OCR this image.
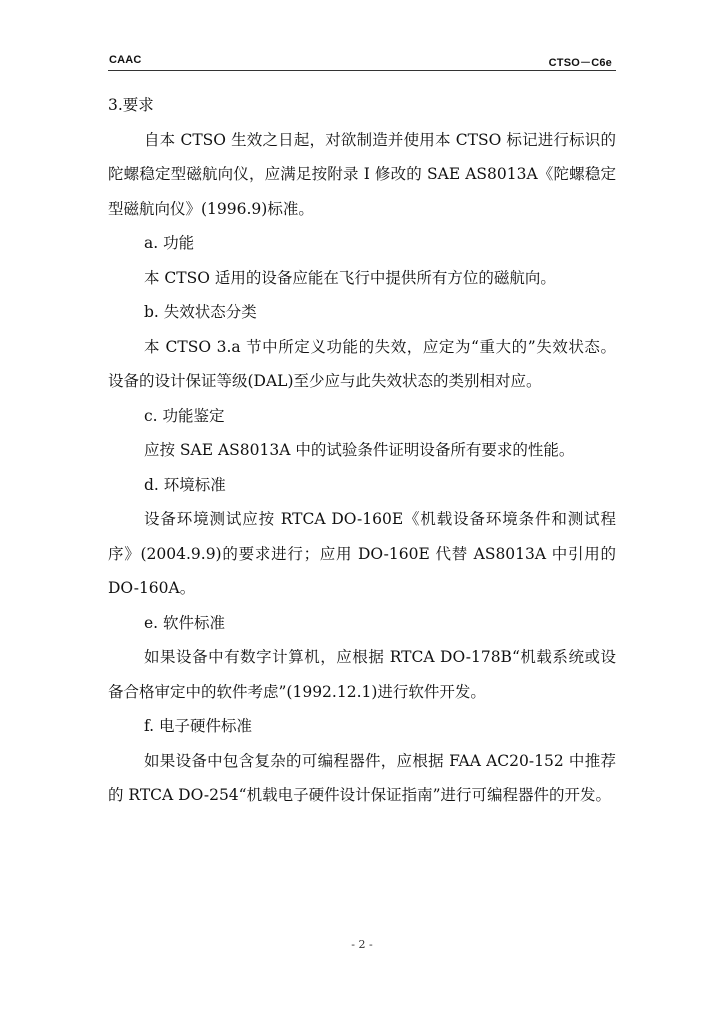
CAAC	CTSO－C6e

3.要求

自本 CTSO 生效之日起，对欲制造并使用本 CTSO 标记进行标识的陀螺稳定型磁航向仪，应满足按附录 I 修改的 SAE AS8013A《陀螺稳定型磁航向仪》(1996.9)标准。

a. 功能

本 CTSO 适用的设备应能在飞行中提供所有方位的磁航向。

b. 失效状态分类

本 CTSO 3.a 节中所定义功能的失效，应定为“重大的”失效状态。设备的设计保证等级(DAL)至少应与此失效状态的类别相对应。

c. 功能鉴定

应按 SAE AS8013A 中的试验条件证明设备所有要求的性能。

d. 环境标准

设备环境测试应按 RTCA DO-160E《机载设备环境条件和测试程序》(2004.9.9)的要求进行；应用 DO-160E 代替 AS8013A 中引用的 DO-160A。

e. 软件标准

如果设备中有数字计算机，应根据 RTCA DO-178B“机载系统或设备合格审定中的软件考虑”(1992.12.1)进行软件开发。

f. 电子硬件标准

如果设备中包含复杂的可编程器件，应根据 FAA AC20-152 中推荐的 RTCA DO-254“机载电子硬件设计保证指南”进行可编程器件的开发。

- 2 -
